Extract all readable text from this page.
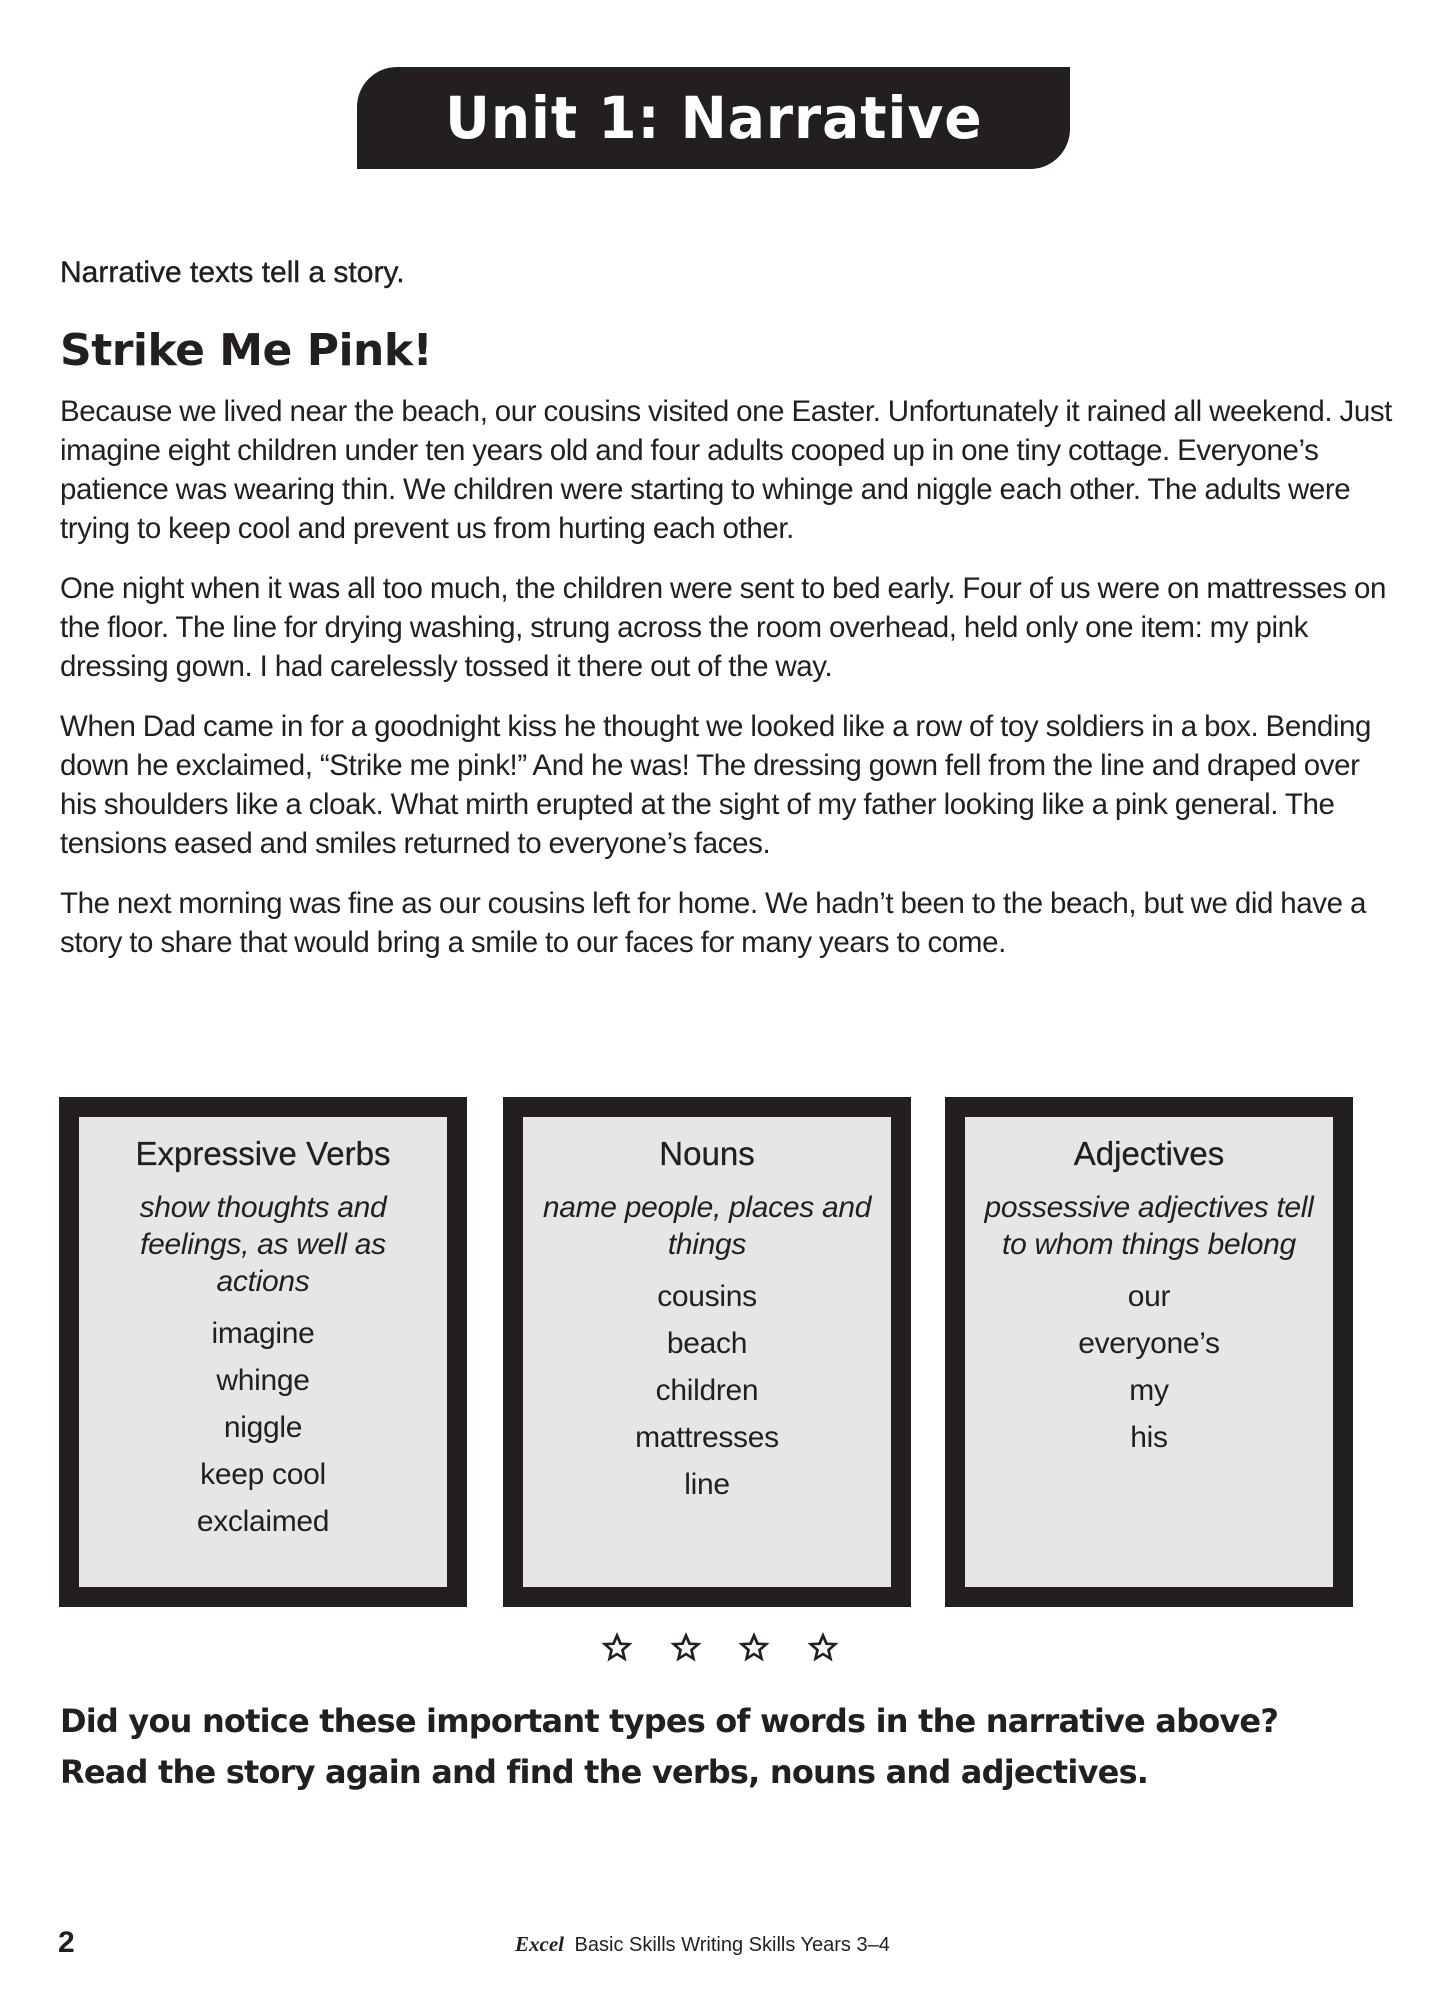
Unit 1: Narrative
Narrative texts tell a story.
Strike Me Pink!

Because we lived near the beach, our cousins visited one Easter. Unfortunately it rained all weekend. Just imagine eight children under ten years old and four adults cooped up in one tiny cottage. Everyone’s patience was wearing thin. We children were starting to whinge and niggle each other. The adults were trying to keep cool and prevent us from hurting each other.

One night when it was all too much, the children were sent to bed early. Four of us were on mattresses on the floor. The line for drying washing, strung across the room overhead, held only one item: my pink dressing gown. I had carelessly tossed it there out of the way.

When Dad came in for a goodnight kiss he thought we looked like a row of toy soldiers in a box. Bending down he exclaimed, “Strike me pink!” And he was! The dressing gown fell from the line and draped over his shoulders like a cloak. What mirth erupted at the sight of my father looking like a pink general. The tensions eased and smiles returned to everyone’s faces.

The next morning was fine as our cousins left for home. We hadn’t been to the beach, but we did have a story to share that would bring a smile to our faces for many years to come.

Expressive Verbs
show thoughts and feelings, as well as actions
imagine
whinge
niggle
keep cool
exclaimed
Nouns
name people, places and things
cousins
beach
children
mattresses
line
Adjectives
possessive adjectives tell to whom things belong
our
everyone’s
my
his
Did you notice these important types of words in the narrative above?
Read the story again and find the verbs, nouns and adjectives.
2	Excel Basic Skills Writing Skills Years 3–4
